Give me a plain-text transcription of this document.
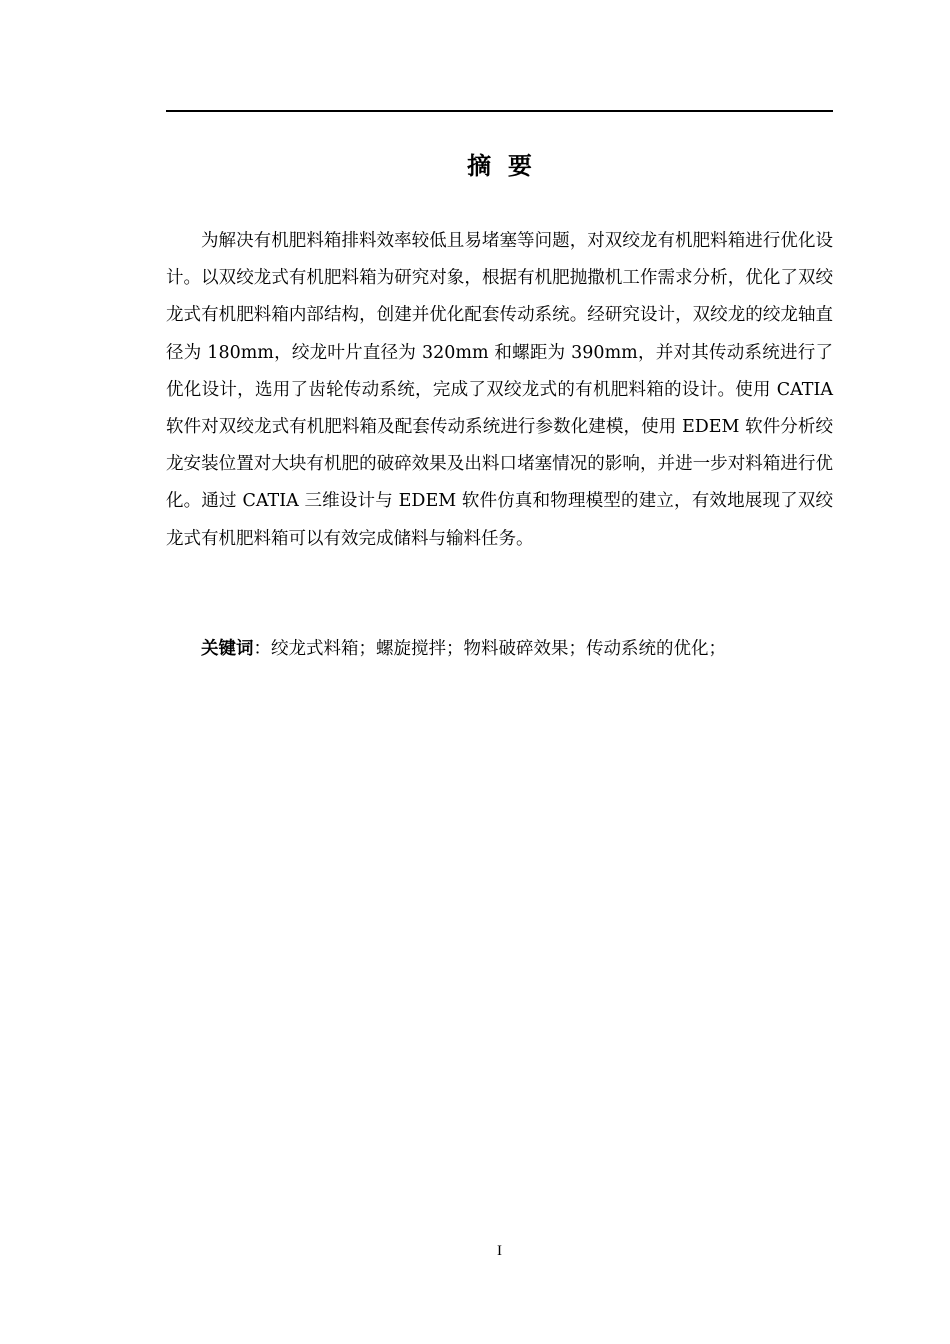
摘  要

为解决有机肥料箱排料效率较低且易堵塞等问题，对双绞龙有机肥料箱进行优化设计。以双绞龙式有机肥料箱为研究对象，根据有机肥抛撒机工作需求分析，优化了双绞龙式有机肥料箱内部结构，创建并优化配套传动系统。经研究设计，双绞龙的绞龙轴直径为 180mm，绞龙叶片直径为 320mm 和螺距为 390mm，并对其传动系统进行了优化设计，选用了齿轮传动系统，完成了双绞龙式的有机肥料箱的设计。使用 CATIA 软件对双绞龙式有机肥料箱及配套传动系统进行参数化建模，使用 EDEM 软件分析绞龙安装位置对大块有机肥的破碎效果及出料口堵塞情况的影响，并进一步对料箱进行优化。通过 CATIA 三维设计与 EDEM 软件仿真和物理模型的建立，有效地展现了双绞龙式有机肥料箱可以有效完成储料与输料任务。

关键词：绞龙式料箱；螺旋搅拌；物料破碎效果；传动系统的优化；

I
